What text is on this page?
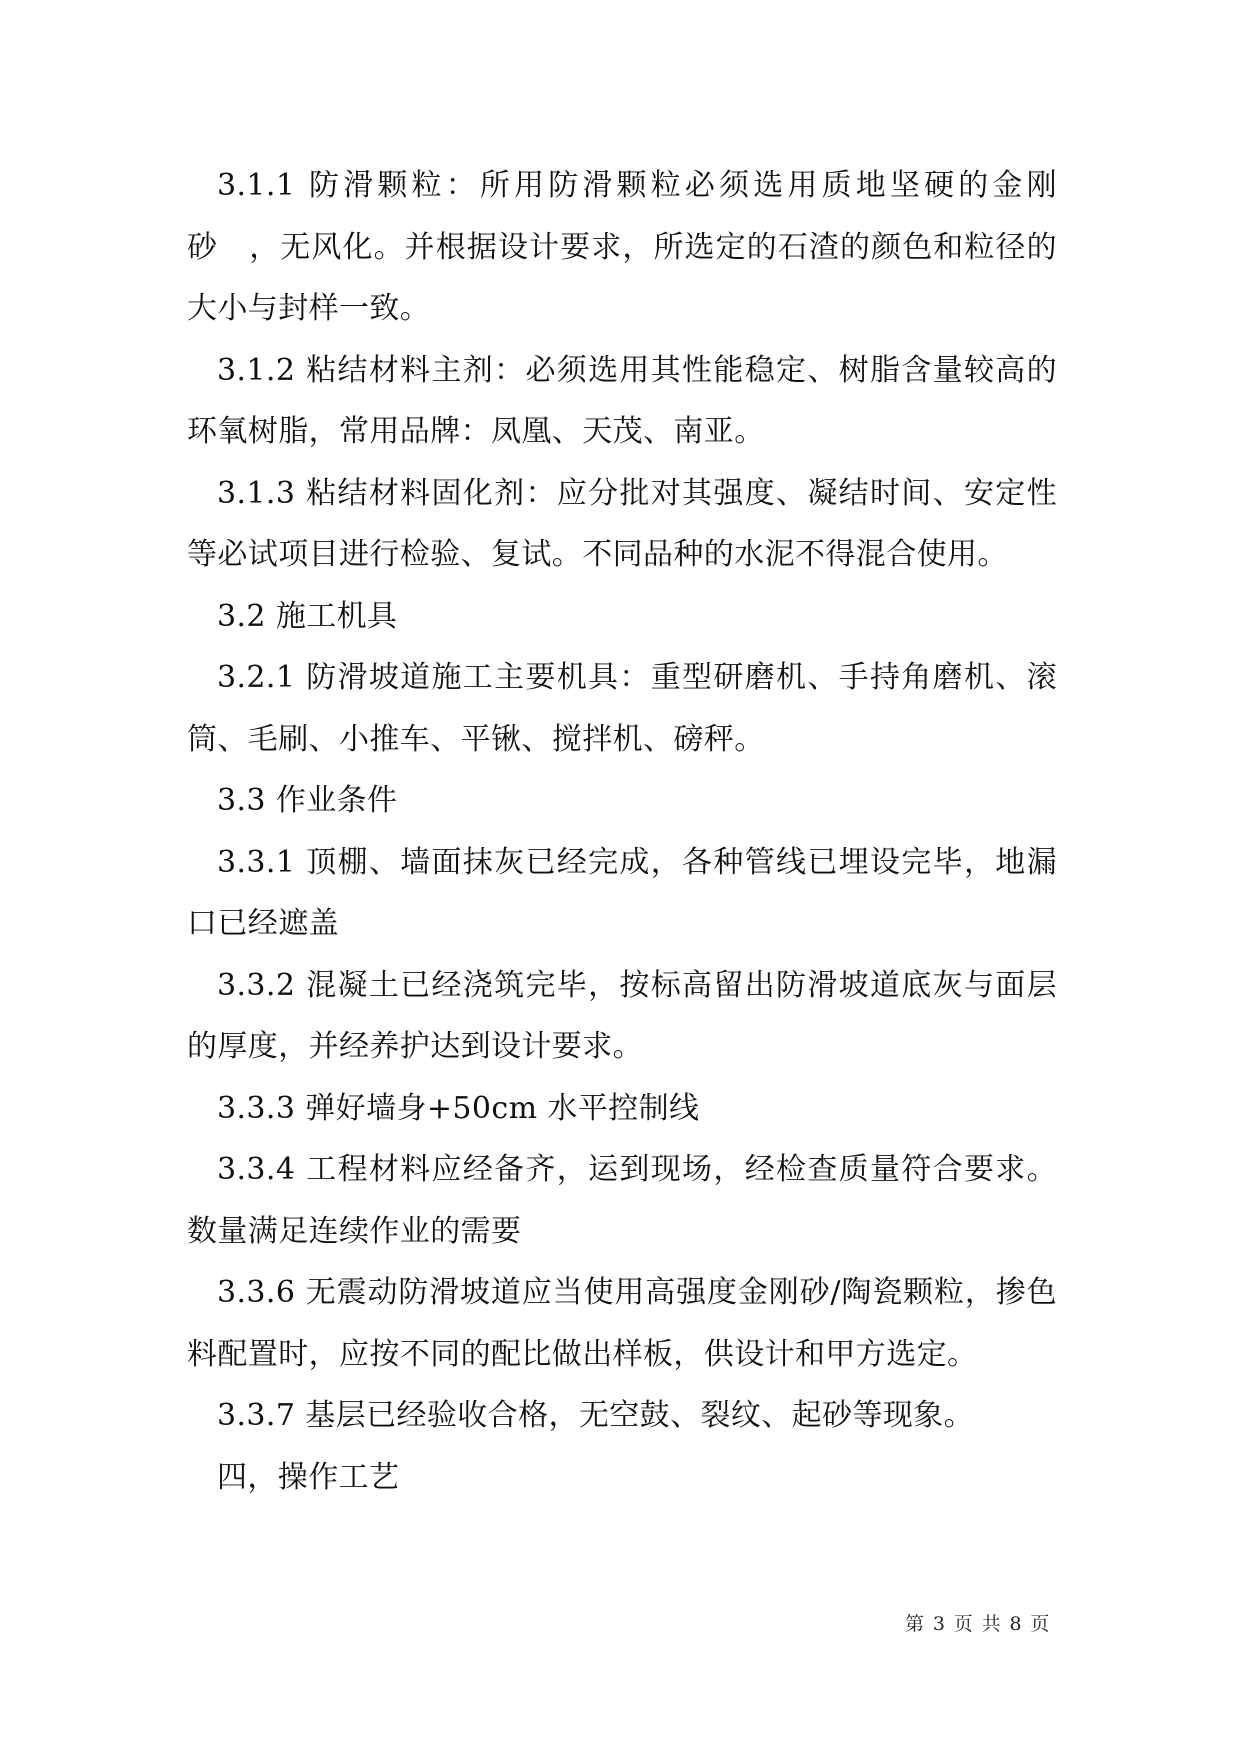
3.1.1 防滑颗粒：所用防滑颗粒必须选用质地坚硬的金刚砂　，无风化。并根据设计要求，所选定的石渣的颜色和粒径的大小与封样一致。

3.1.2 粘结材料主剂：必须选用其性能稳定、树脂含量较高的环氧树脂，常用品牌：凤凰、天茂、南亚。

3.1.3 粘结材料固化剂：应分批对其强度、凝结时间、安定性等必试项目进行检验、复试。不同品种的水泥不得混合使用。

3.2 施工机具

3.2.1 防滑坡道施工主要机具：重型研磨机、手持角磨机、滚筒、毛刷、小推车、平锹、搅拌机、磅秤。

3.3 作业条件

3.3.1 顶棚、墙面抹灰已经完成，各种管线已埋设完毕，地漏口已经遮盖

3.3.2 混凝土已经浇筑完毕，按标高留出防滑坡道底灰与面层的厚度，并经养护达到设计要求。

3.3.3 弹好墙身+50cm 水平控制线

3.3.4 工程材料应经备齐，运到现场，经检查质量符合要求。数量满足连续作业的需要

3.3.6 无震动防滑坡道应当使用高强度金刚砂/陶瓷颗粒，掺色料配置时，应按不同的配比做出样板，供设计和甲方选定。

3.3.7 基层已经验收合格，无空鼓、裂纹、起砂等现象。

四，操作工艺

第 3 页 共 8 页
